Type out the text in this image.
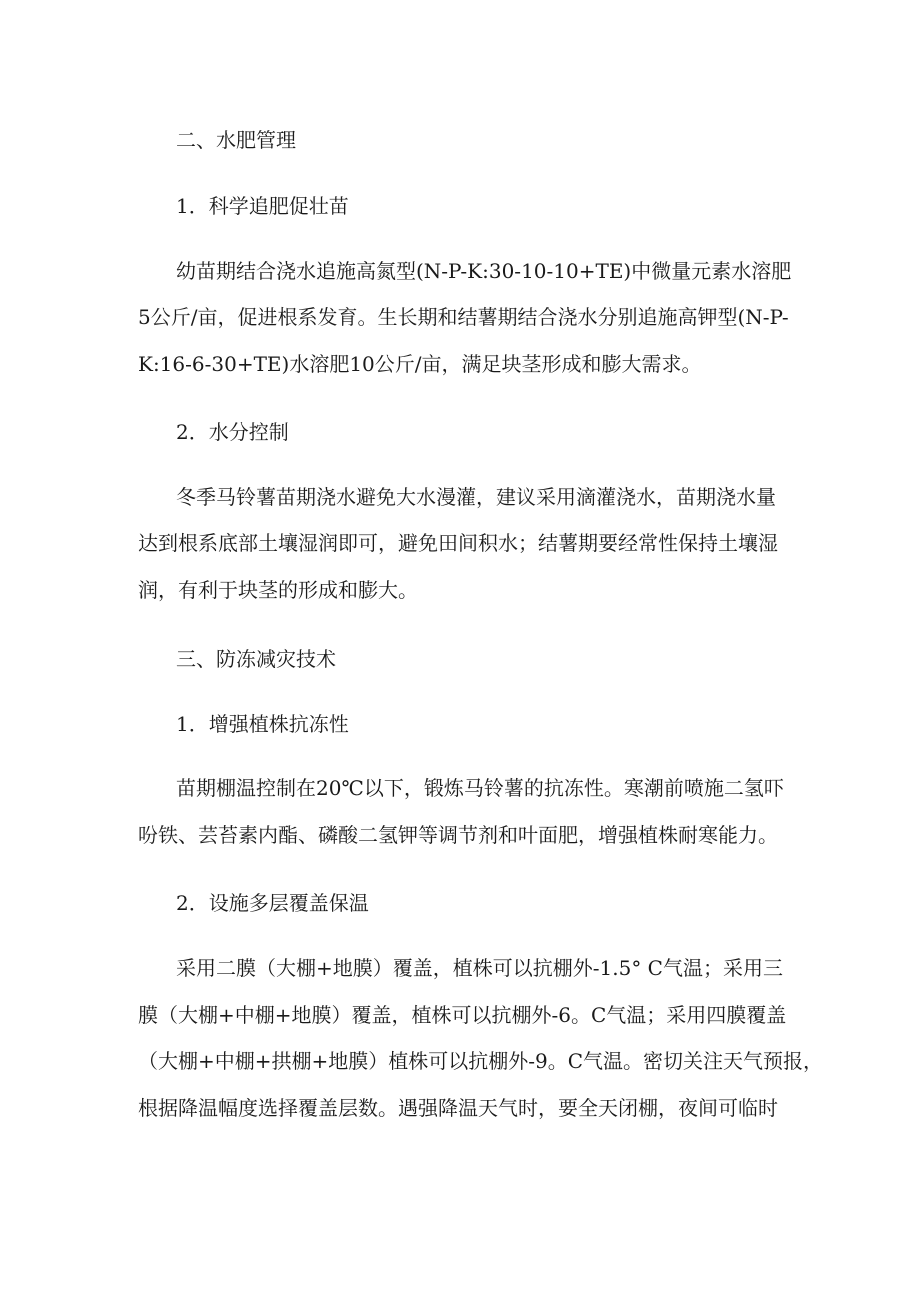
二、水肥管理
1．科学追肥促壮苗
幼苗期结合浇水追施高氮型(N-P-K:30-10-10+TE)中微量元素水溶肥
5公斤/亩，促进根系发育。生长期和结薯期结合浇水分别追施高钾型(N-P-
K:16-6-30+TE)水溶肥10公斤/亩，满足块茎形成和膨大需求。
2．水分控制
冬季马铃薯苗期浇水避免大水漫灌，建议采用滴灌浇水，苗期浇水量
达到根系底部土壤湿润即可，避免田间积水；结薯期要经常性保持土壤湿
润，有利于块茎的形成和膨大。
三、防冻减灾技术
1．增强植株抗冻性
苗期棚温控制在20℃以下，锻炼马铃薯的抗冻性。寒潮前喷施二氢吓
吩铁、芸苔素内酯、磷酸二氢钾等调节剂和叶面肥，增强植株耐寒能力。
2．设施多层覆盖保温
采用二膜（大棚+地膜）覆盖，植株可以抗棚外-1.5° C气温；采用三
膜（大棚+中棚+地膜）覆盖，植株可以抗棚外-6。C气温；采用四膜覆盖
（大棚+中棚+拱棚+地膜）植株可以抗棚外-9。C气温。密切关注天气预报，
根据降温幅度选择覆盖层数。遇强降温天气时，要全天闭棚，夜间可临时
